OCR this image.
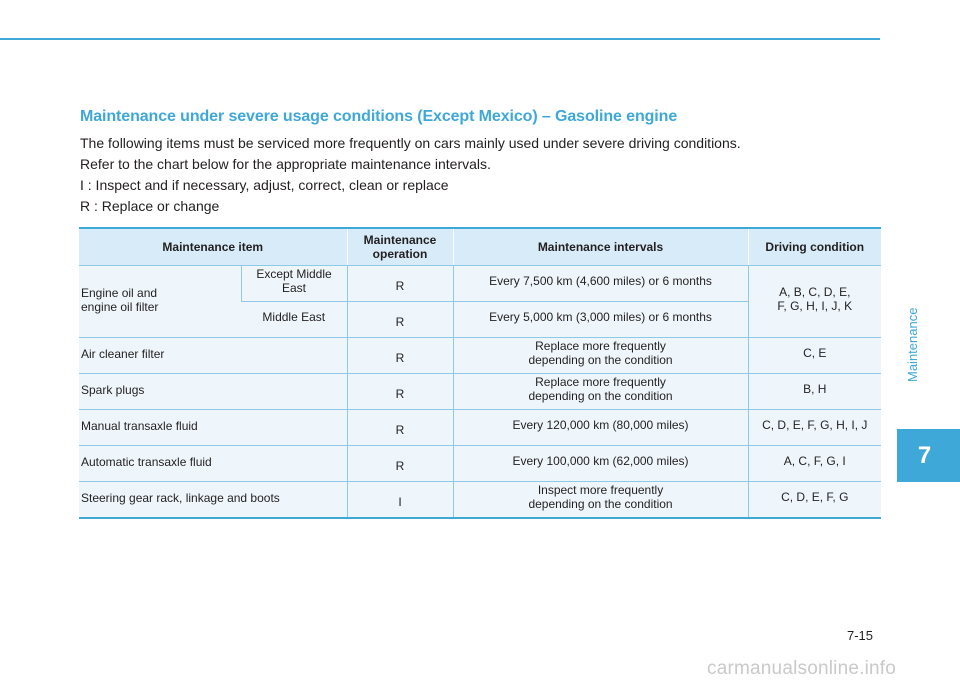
Maintenance under severe usage conditions (Except Mexico) – Gasoline engine

The following items must be serviced more frequently on cars mainly used under severe driving conditions.

Refer to the chart below for the appropriate maintenance intervals.

I : Inspect and if necessary, adjust, correct, clean or replace

R : Replace or change

Maintenance item		Maintenance
operation	Maintenance intervals	Driving condition

Engine oil and
engine oil filter	Except Middle
East	R	Every 7,500 km (4,600 miles) or 6 months	A, B, C, D, E,
F, G, H, I, J, K

	Middle East	R	Every 5,000 km (3,000 miles) or 6 months	

Air cleaner filter		R	Replace more frequently
depending on the condition	C, E

Spark plugs		R	Replace more frequently
depending on the condition	B, H

Manual transaxle fluid		R	Every 120,000 km (80,000 miles)	C, D, E, F, G, H, I, J

Automatic transaxle fluid		R	Every 100,000 km (62,000 miles)	A, C, F, G, I

Steering gear rack, linkage and boots		I	Inspect more frequently
depending on the condition	C, D, E, F, G
Maintenance
7
7-15
carmanualsonline.info
